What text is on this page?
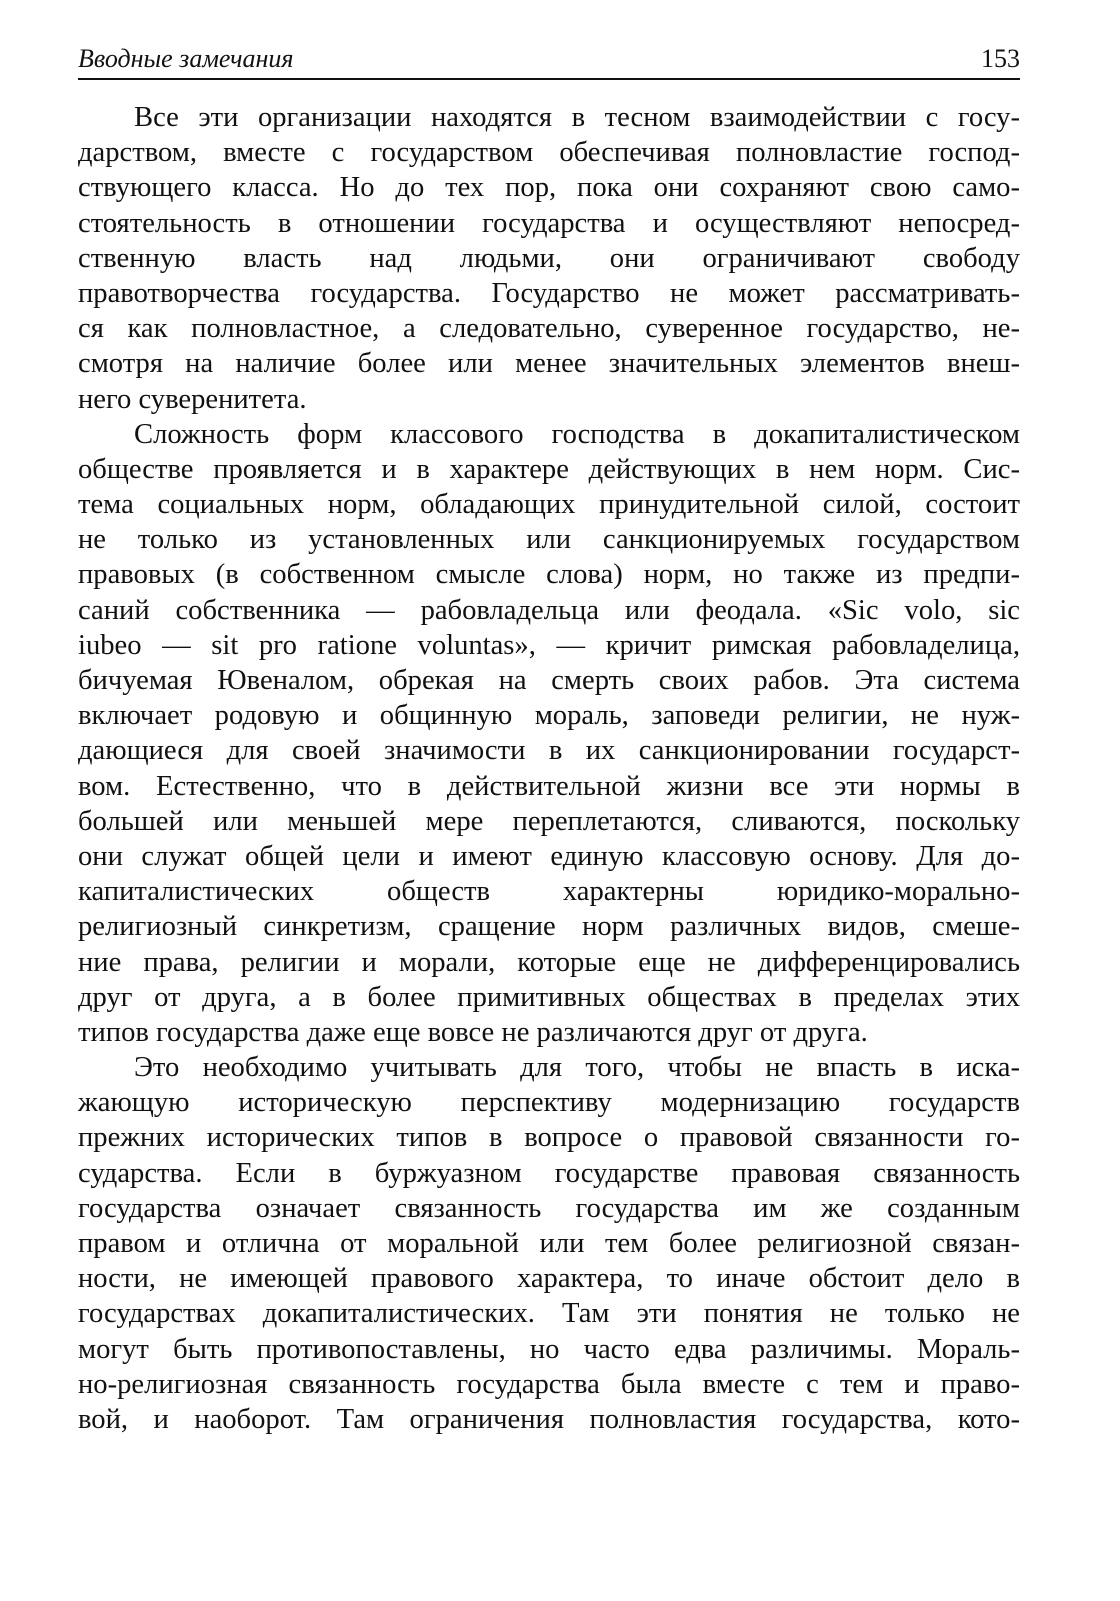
Вводные замечания	153
Все эти организации находятся в тесном взаимодействии с госу-
дарством, вместе с государством обеспечивая полновластие господ-
ствующего класса. Но до тех пор, пока они сохраняют свою само-
стоятельность в отношении государства и осуществляют непосред-
ственную власть над людьми, они ограничивают свободу
правотворчества государства. Государство не может рассматривать-
ся как полновластное, а следовательно, суверенное государство, не-
смотря на наличие более или менее значительных элементов внеш-
него суверенитета.
Сложность форм классового господства в докапиталистическом
обществе проявляется и в характере действующих в нем норм. Сис-
тема социальных норм, обладающих принудительной силой, состоит
не только из установленных или санкционируемых государством
правовых (в собственном смысле слова) норм, но также из предпи-
саний собственника — рабовладельца или феодала. «Sic volo, sic
iubeo — sit pro ratione voluntas», — кричит римская рабовладелица,
бичуемая Ювеналом, обрекая на смерть своих рабов. Эта система
включает родовую и общинную мораль, заповеди религии, не нуж-
дающиеся для своей значимости в их санкционировании государст-
вом. Естественно, что в действительной жизни все эти нормы в
большей или меньшей мере переплетаются, сливаются, поскольку
они служат общей цели и имеют единую классовую основу. Для до-
капиталистических обществ характерны юридико-морально-
религиозный синкретизм, сращение норм различных видов, смеше-
ние права, религии и морали, которые еще не дифференцировались
друг от друга, а в более примитивных обществах в пределах этих
типов государства даже еще вовсе не различаются друг от друга.
Это необходимо учитывать для того, чтобы не впасть в иска-
жающую историческую перспективу модернизацию государств
прежних исторических типов в вопросе о правовой связанности го-
сударства. Если в буржуазном государстве правовая связанность
государства означает связанность государства им же созданным
правом и отлична от моральной или тем более религиозной связан-
ности, не имеющей правового характера, то иначе обстоит дело в
государствах докапиталистических. Там эти понятия не только не
могут быть противопоставлены, но часто едва различимы. Мораль-
но-религиозная связанность государства была вместе с тем и право-
вой, и наоборот. Там ограничения полновластия государства, кото-
